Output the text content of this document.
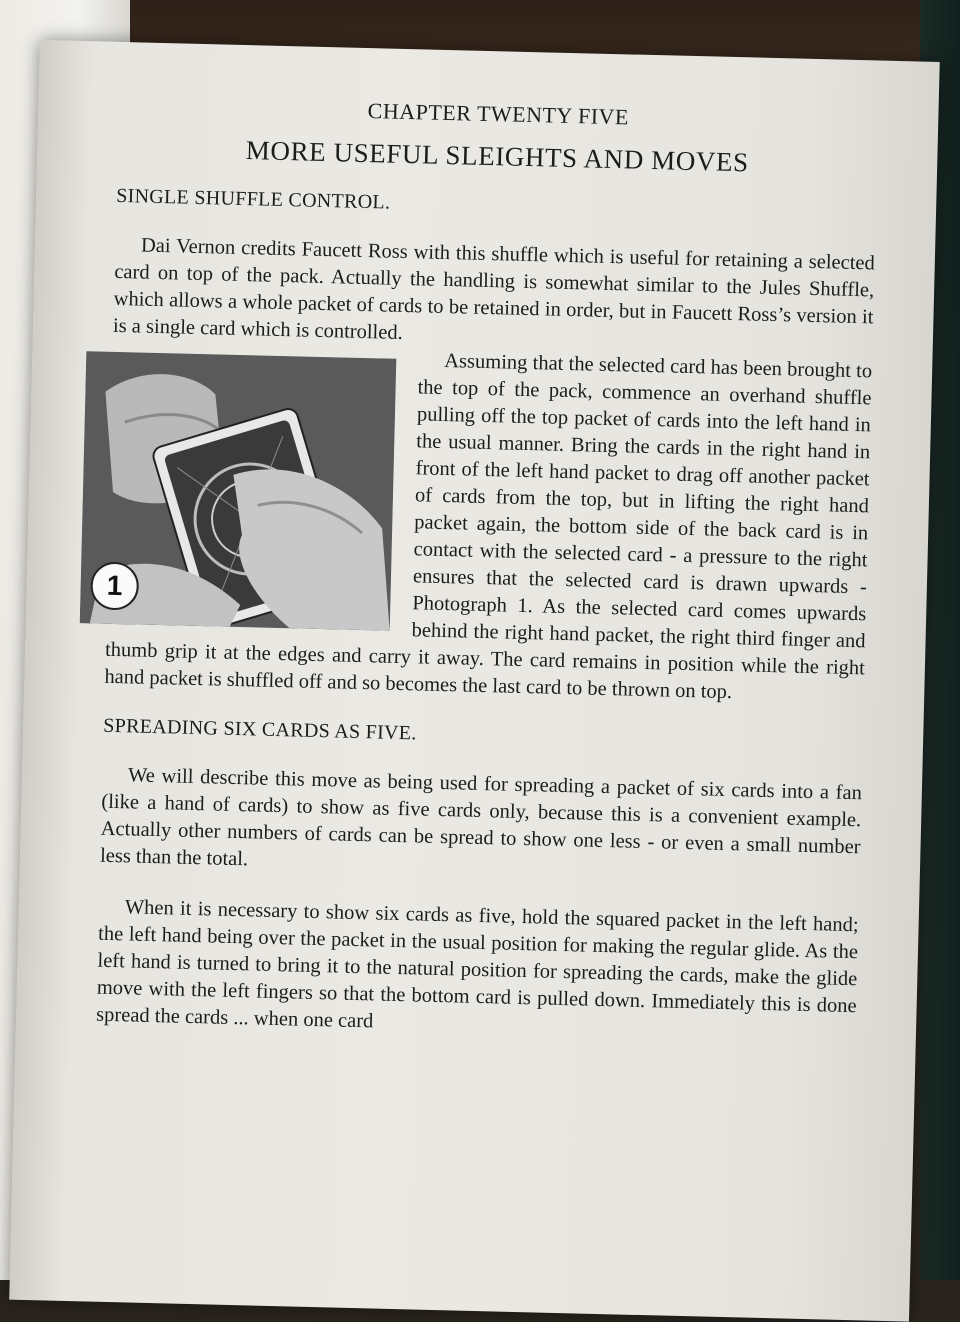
CHAPTER TWENTY FIVE
MORE USEFUL SLEIGHTS AND MOVES
SINGLE SHUFFLE CONTROL.

Dai Vernon credits Faucett Ross with this shuffle which is useful for retaining a selected card on top of the pack. Actually the handling is somewhat similar to the Jules Shuffle, which allows a whole packet of cards to be retained in order, but in Faucett Ross’s version it is a single card which is controlled.

1

Assuming that the selected card has been brought to the top of the pack, commence an overhand shuffle pulling off the top packet of cards into the left hand in the usual manner. Bring the cards in the right hand in front of the left hand packet to drag off another packet of cards from the top, but in lifting the right hand packet again, the bottom side of the back card is in contact with the selected card - a pressure to the right ensures that the selected card is drawn upwards - Photograph 1. As the selected card comes upwards behind the right hand packet, the right third finger and thumb grip it at the edges and carry it away. The card remains in position while the right hand packet is shuffled off and so becomes the last card to be thrown on top.

SPREADING SIX CARDS AS FIVE.

We will describe this move as being used for spreading a packet of six cards into a fan (like a hand of cards) to show as five cards only, because this is a convenient example. Actually other numbers of cards can be spread to show one less - or even a small number less than the total.

When it is necessary to show six cards as five, hold the squared packet in the left hand; the left hand being over the packet in the usual position for making the regular glide. As the left hand is turned to bring it to the natural position for spreading the cards, make the glide move with the left fingers so that the bottom card is pulled down. Immediately this is done spread the cards ... when one card
